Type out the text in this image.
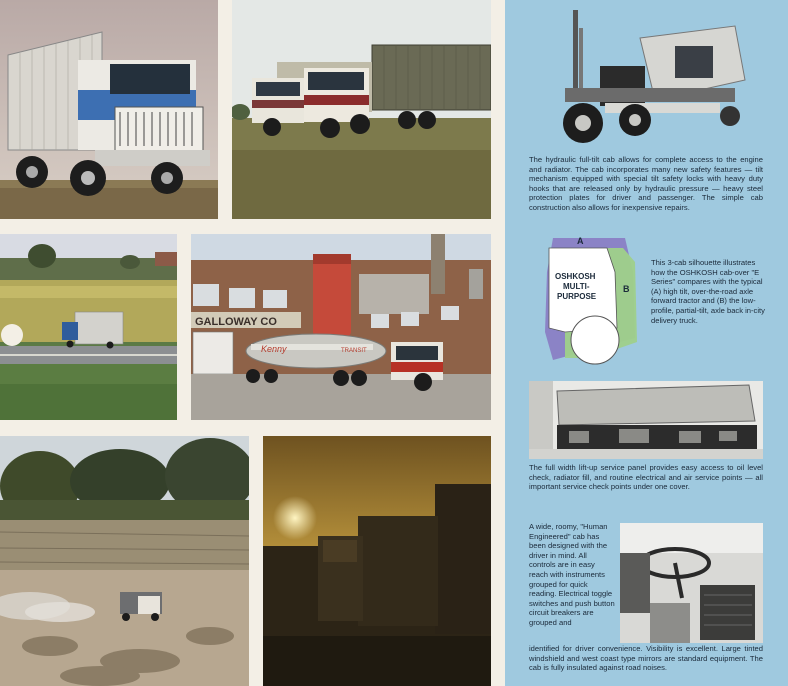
GALLOWAY CO
Kenny	TRANSIT

The hydraulic full-tilt cab allows for complete access to the engine and radiator. The cab incorporates many new safety features — tilt mechanism equipped with special tilt safety locks with heavy duty hooks that are released only by hydraulic pressure — heavy steel protection plates for driver and passenger. The simple cab construction also allows for inexpensive repairs.

A
B
OSHKOSH
MULTI-
PURPOSE

This 3-cab silhouette illustrates how the OSHKOSH cab-over "E Series" compares with the typical (A) high tilt, over-the-road axle forward tractor and (B) the low-profile, partial-tilt, axle back in-city delivery truck.

The full width lift-up service panel provides easy access to oil level check, radiator fill, and routine electrical and air service points — all important service check points under one cover.

A wide, roomy, "Human Engineered" cab has been designed with the driver in mind. All controls are in easy reach with instruments grouped for quick reading. Electrical toggle switches and push button circuit breakers are grouped and

identified for driver convenience. Visibility is excellent. Large tinted windshield and west coast type mirrors are standard equipment. The cab is fully insulated against road noises.
